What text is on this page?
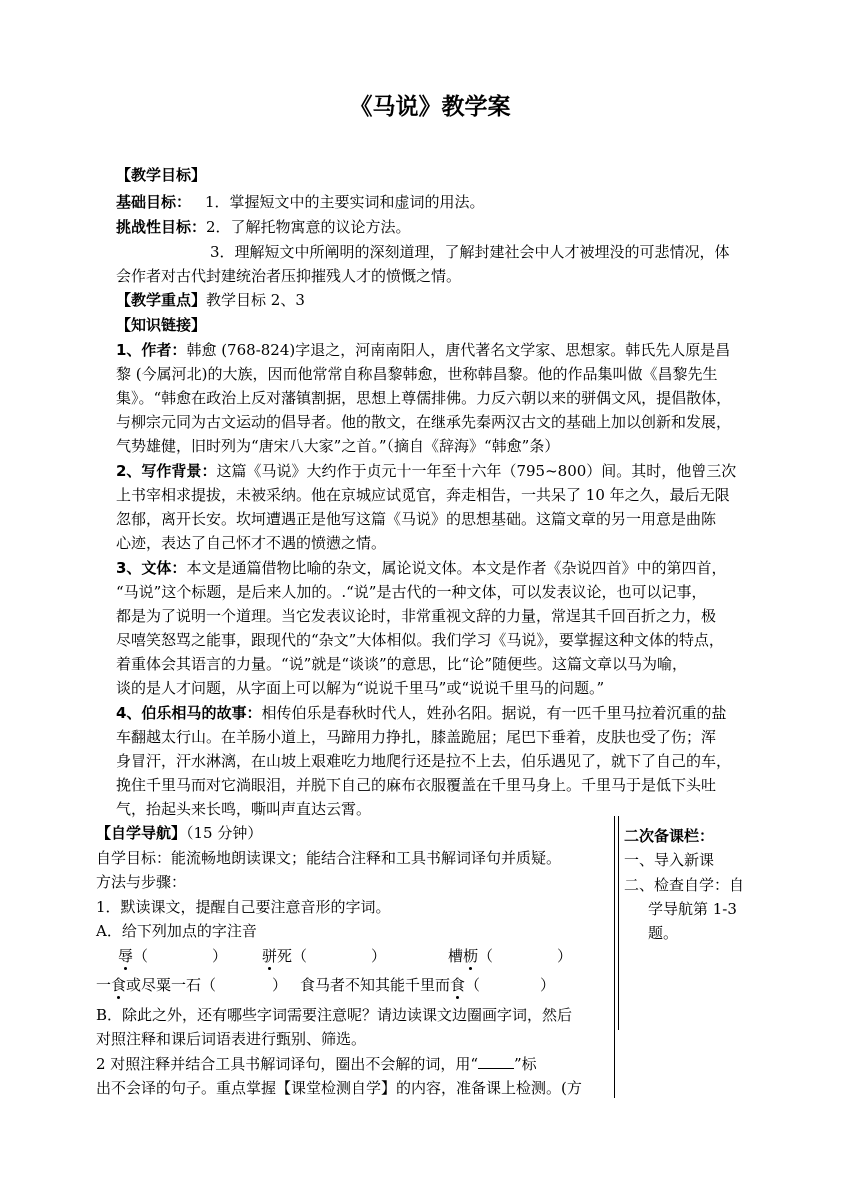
《马说》教学案
【教学目标】
基础目标： 1．掌握短文中的主要实词和虚词的用法。
挑战性目标：2．了解托物寓意的议论方法。
3．理解短文中所阐明的深刻道理，了解封建社会中人才被埋没的可悲情况，体
会作者对古代封建统治者压抑摧残人才的愤慨之情。
【教学重点】教学目标 2、3
【知识链接】
1、作者：韩愈 (768-824)字退之，河南南阳人，唐代著名文学家、思想家。韩氏先人原是昌
黎 (今属河北)的大族，因而他常常自称昌黎韩愈，世称韩昌黎。他的作品集叫做《昌黎先生
集》。“韩愈在政治上反对藩镇割据，思想上尊儒排佛。力反六朝以来的骈偶文风，提倡散体，
与柳宗元同为古文运动的倡导者。他的散文，在继承先秦两汉古文的基础上加以创新和发展，
气势雄健，旧时列为“唐宋八大家”之首。”（摘自《辞海》“韩愈”条）
2、写作背景：这篇《马说》大约作于贞元十一年至十六年（795~800）间。其时，他曾三次
上书宰相求提拔，未被采纳。他在京城应试觅官，奔走相告，一共呆了 10 年之久，最后无限
忽郁，离开长安。坎坷遭遇正是他写这篇《马说》的思想基础。这篇文章的另一用意是曲陈
心迹，表达了自己怀才不遇的愤懑之情。
3、文体：本文是通篇借物比喻的杂文，属论说文体。本文是作者《杂说四首》中的第四首，
“马说”这个标题，是后来人加的。.“说”是古代的一种文体，可以发表议论，也可以记事，
都是为了说明一个道理。当它发表议论时，非常重视文辞的力量，常逞其千回百折之力，极
尽嘻笑怒骂之能事，跟现代的“杂文”大体相似。我们学习《马说》，要掌握这种文体的特点，
着重体会其语言的力量。“说”就是“谈谈”的意思，比“论”随便些。这篇文章以马为喻，
谈的是人才问题，从字面上可以解为“说说千里马”或“说说千里马的问题。”
4、伯乐相马的故事：相传伯乐是春秋时代人，姓孙名阳。据说，有一匹千里马拉着沉重的盐
车翻越太行山。在羊肠小道上，马蹄用力挣扎，膝盖跪屈；尾巴下垂着，皮肤也受了伤；浑
身冒汗，汗水淋漓，在山坡上艰难吃力地爬行还是拉不上去，伯乐遇见了，就下了自己的车，
挽住千里马而对它淌眼泪，并脱下自己的麻布衣服覆盖在千里马身上。千里马于是低下头吐
气，抬起头来长鸣，嘶叫声直达云霄。
【自学导航】（15 分钟）
自学目标：能流畅地朗读课文；能结合注释和工具书解词译句并质疑。
方法与步骤：
1．默读课文，提醒自己要注意音形的字词。
A．给下列加点的字注音
辱（	） 骈死（	）	槽枥（	）
一食或尽粟一石（	） 食马者不知其能千里而食（	）
B．除此之外，还有哪些字词需要注意呢？请边读课文边圈画字词，然后
对照注释和课后词语表进行甄别、筛选。
2 对照注释并结合工具书解词译句，圈出不会解的词，用“ ”标
出不会译的句子。重点掌握【课堂检测自学】的内容，准备课上检测。(方
二次备课栏：
一、导入新课
二、检查自学：自
学导航第 1-3
题。
